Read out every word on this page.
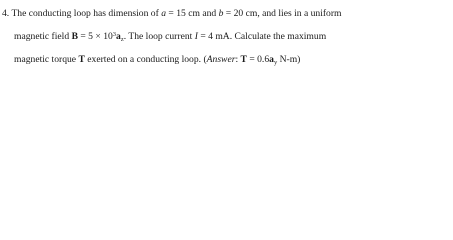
4. The conducting loop has dimension of a = 15 cm and b = 20 cm, and lies in a uniform
magnetic field $B = 5 \times 10^3a_z$. The loop current I = 4 mA. Calculate the maximum
magnetic torque T exerted on a conducting loop. (Answer: $T = 0.6a_y$ N-m)
